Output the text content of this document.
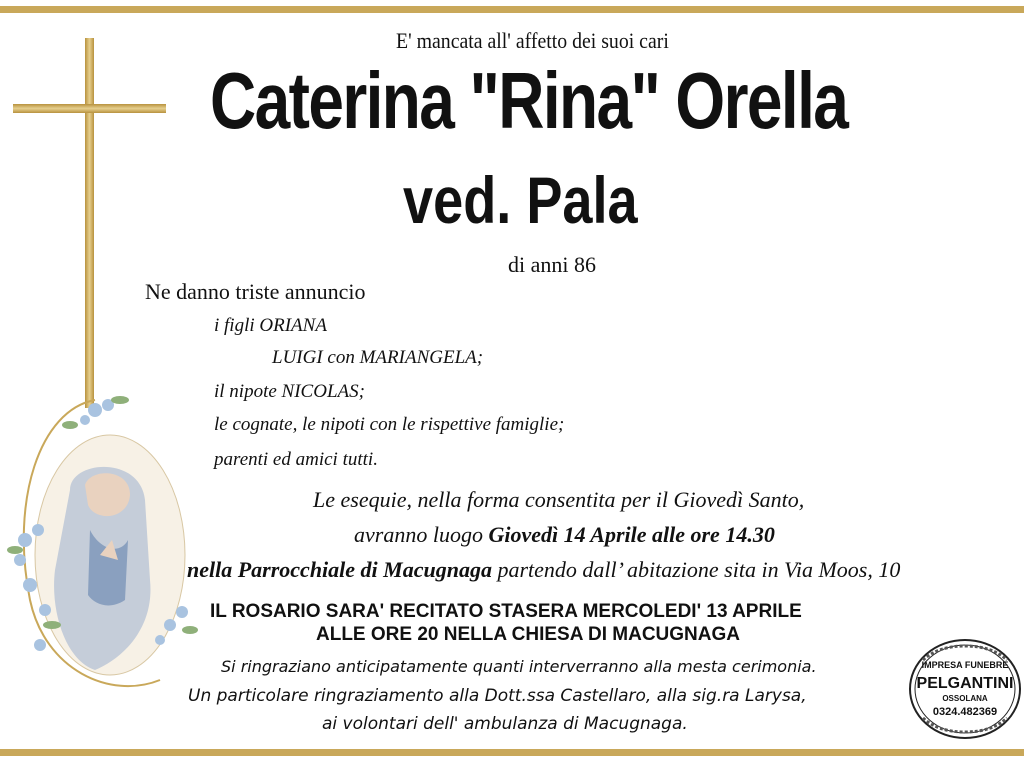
E' mancata all' affetto dei suoi cari
Caterina "Rina" Orella
ved. Pala
di anni 86
Ne danno triste annuncio
i figli ORIANA
LUIGI con MARIANGELA;
il nipote NICOLAS;
le cognate, le nipoti con le rispettive famiglie;
parenti ed amici tutti.
Le esequie, nella forma consentita per il Giovedì Santo,
avranno luogo Giovedì 14 Aprile alle ore 14.30
nella Parrocchiale di Macugnaga partendo dall’ abitazione sita in Via Moos, 10
IL ROSARIO SARA' RECITATO STASERA MERCOLEDI' 13 APRILE
ALLE ORE 20 NELLA CHIESA DI MACUGNAGA
Si ringraziano anticipatamente quanti interverranno alla mesta cerimonia.
Un particolare ringraziamento alla Dott.ssa Castellaro, alla sig.ra Larysa,
ai volontari dell' ambulanza di Macugnaga.
IMPRESA FUNEBRE
PELGANTINI
OSSOLANA
0324.482369
